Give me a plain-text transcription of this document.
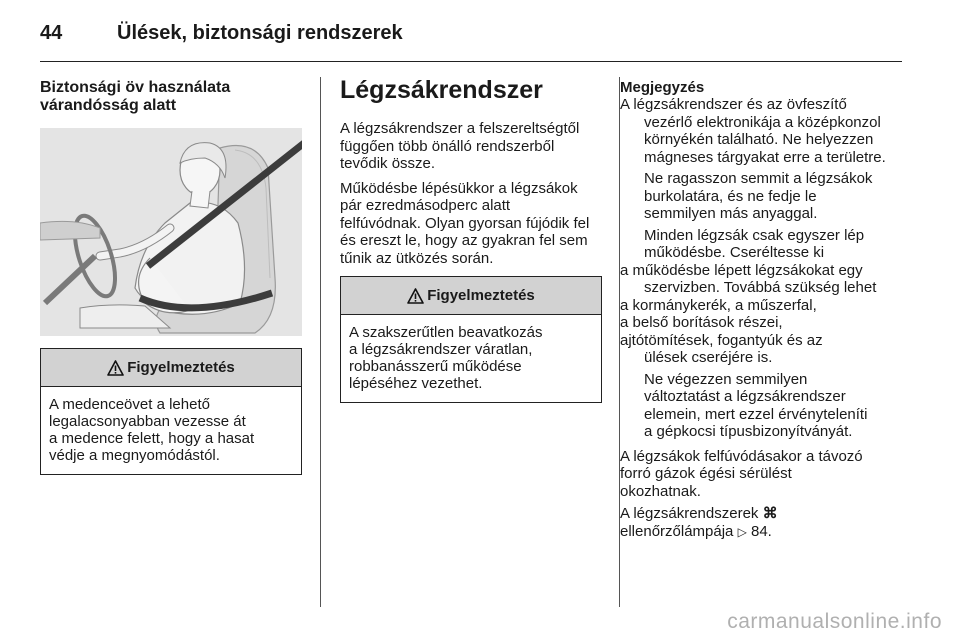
44	Ülések, biztonsági rendszerek
Biztonsági öv használata
várandósság alatt
Figyelmeztetés
A medenceövet a lehető
legalacsonyabban vezesse át
a medence felett, hogy a hasat
védje a megnyomódástól.
Légzsákrendszer
A légzsákrendszer a felszereltségtől
függően több önálló rendszerből
tevődik össze.
Működésbe lépésükkor a légzsákok
pár ezredmásodperc alatt
felfúvódnak. Olyan gyorsan fújódik fel
és ereszt le, hogy az gyakran fel sem
tűnik az ütközés során.
Figyelmeztetés
A szakszerűtlen beavatkozás
a légzsákrendszer váratlan,
robbanásszerű működése
lépéséhez vezethet.
Megjegyzés
A légzsákrendszer és az övfeszítő
vezérlő elektronikája a középkonzol
környékén található. Ne helyezzen
mágneses tárgyakat erre a területre.
Ne ragasszon semmit a légzsákok
burkolatára, és ne fedje le
semmilyen más anyaggal.
Minden légzsák csak egyszer lép
működésbe. Cseréltesse ki
a működésbe lépett légzsákokat egy
szervizben. Továbbá szükség lehet
a kormánykerék, a műszerfal,
a belső borítások részei,
ajtótömítések, fogantyúk és az
ülések cseréjére is.
Ne végezzen semmilyen
változtatást a légzsákrendszer
elemein, mert ezzel érvényteleníti
a gépkocsi típusbizonyítványát.
A légzsákok felfúvódásakor a távozó
forró gázok égési sérülést
okozhatnak.
A légzsákrendszerek ⌘
ellenőrzőlámpája ▷ 84.
carmanualsonline.info
